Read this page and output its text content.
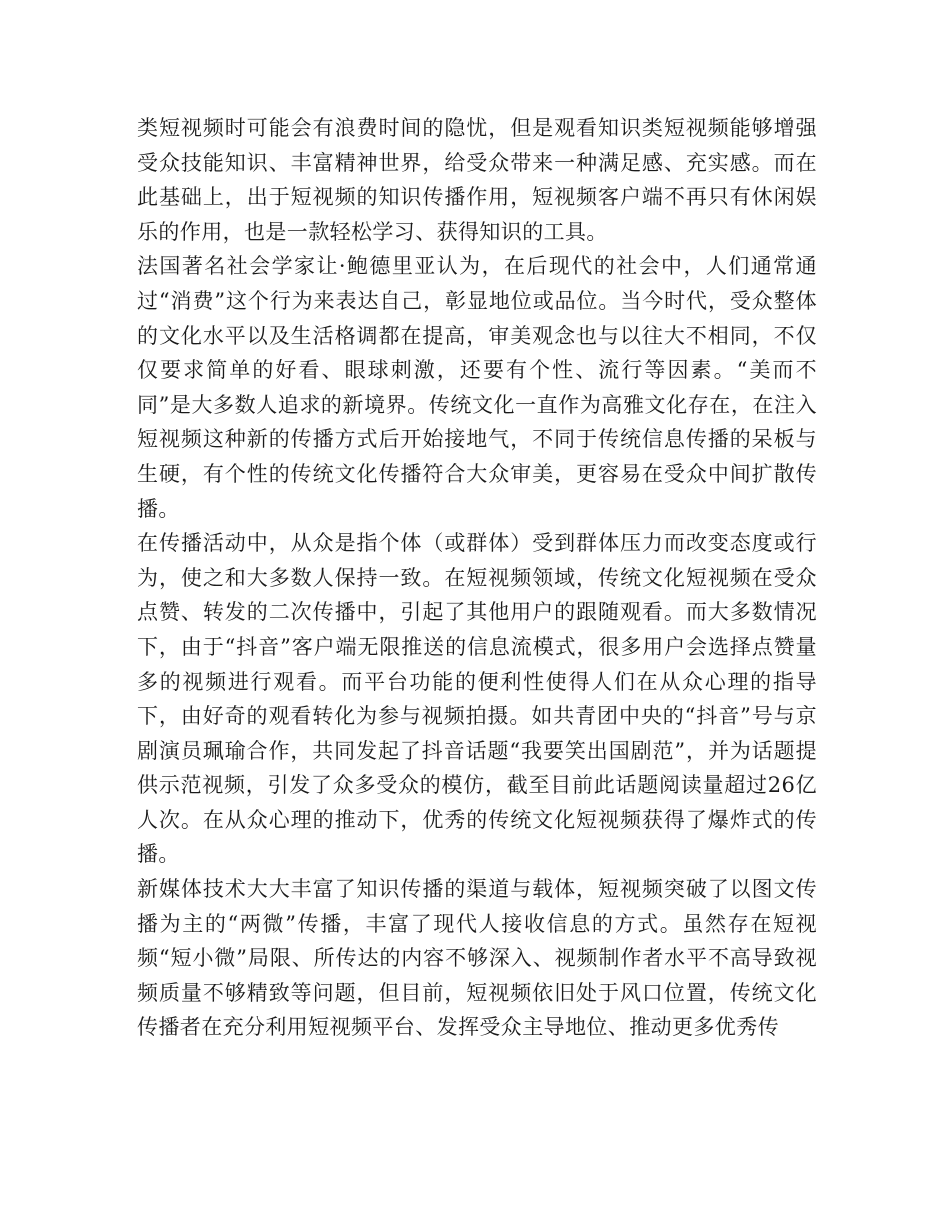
类短视频时可能会有浪费时间的隐忧，但是观看知识类短视频能够增强受众技能知识、丰富精神世界，给受众带来一种满足感、充实感。而在此基础上，出于短视频的知识传播作用，短视频客户端不再只有休闲娱乐的作用，也是一款轻松学习、获得知识的工具。

法国著名社会学家让·鲍德里亚认为，在后现代的社会中，人们通常通过“消费”这个行为来表达自己，彰显地位或品位。当今时代，受众整体的文化水平以及生活格调都在提高，审美观念也与以往大不相同，不仅仅要求简单的好看、眼球刺激，还要有个性、流行等因素。“美而不同”是大多数人追求的新境界。传统文化一直作为高雅文化存在，在注入短视频这种新的传播方式后开始接地气，不同于传统信息传播的呆板与生硬，有个性的传统文化传播符合大众审美，更容易在受众中间扩散传播。

在传播活动中，从众是指个体（或群体）受到群体压力而改变态度或行为，使之和大多数人保持一致。在短视频领域，传统文化短视频在受众点赞、转发的二次传播中，引起了其他用户的跟随观看。而大多数情况下，由于“抖音”客户端无限推送的信息流模式，很多用户会选择点赞量多的视频进行观看。而平台功能的便利性使得人们在从众心理的指导下，由好奇的观看转化为参与视频拍摄。如共青团中央的“抖音”号与京剧演员珮瑜合作，共同发起了抖音话题“我要笑出国剧范”，并为话题提供示范视频，引发了众多受众的模仿，截至目前此话题阅读量超过26亿人次。在从众心理的推动下，优秀的传统文化短视频获得了爆炸式的传播。

新媒体技术大大丰富了知识传播的渠道与载体，短视频突破了以图文传播为主的“两微”传播，丰富了现代人接收信息的方式。虽然存在短视频“短小微”局限、所传达的内容不够深入、视频制作者水平不高导致视频质量不够精致等问题，但目前，短视频依旧处于风口位置，传统文化传播者在充分利用短视频平台、发挥受众主导地位、推动更多优秀传
